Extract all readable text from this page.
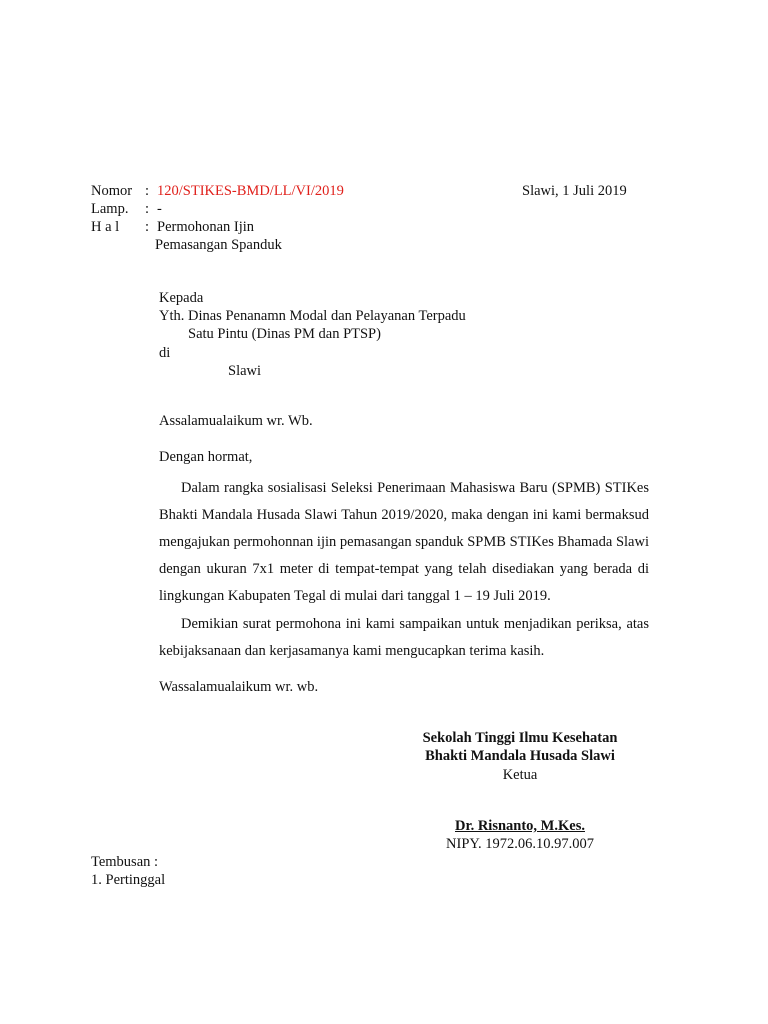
Nomor : 120/STIKES-BMD/LL/VI/2019	Slawi, 1 Juli 2019
Lamp. : -
H a l : Permohonan Ijin
Pemasangan Spanduk
Kepada
Yth. Dinas Penanamn Modal dan Pelayanan Terpadu
Satu Pintu (Dinas PM dan PTSP)
di
Slawi
Assalamualaikum wr. Wb.
Dengan hormat,
Dalam rangka sosialisasi Seleksi Penerimaan Mahasiswa Baru (SPMB) STIKes Bhakti Mandala Husada Slawi Tahun 2019/2020, maka dengan ini kami bermaksud mengajukan permohonnan ijin pemasangan spanduk SPMB STIKes Bhamada Slawi dengan ukuran 7x1 meter di tempat-tempat yang telah disediakan yang berada di lingkungan Kabupaten Tegal di mulai dari tanggal 1 – 19 Juli 2019.
Demikian surat permohona ini kami sampaikan untuk menjadikan periksa, atas kebijaksanaan dan kerjasamanya kami mengucapkan terima kasih.
Wassalamualaikum wr. wb.
Sekolah Tinggi Ilmu Kesehatan
Bhakti Mandala Husada Slawi
Ketua
Dr. Risnanto, M.Kes.
NIPY. 1972.06.10.97.007
Tembusan :
1. Pertinggal
